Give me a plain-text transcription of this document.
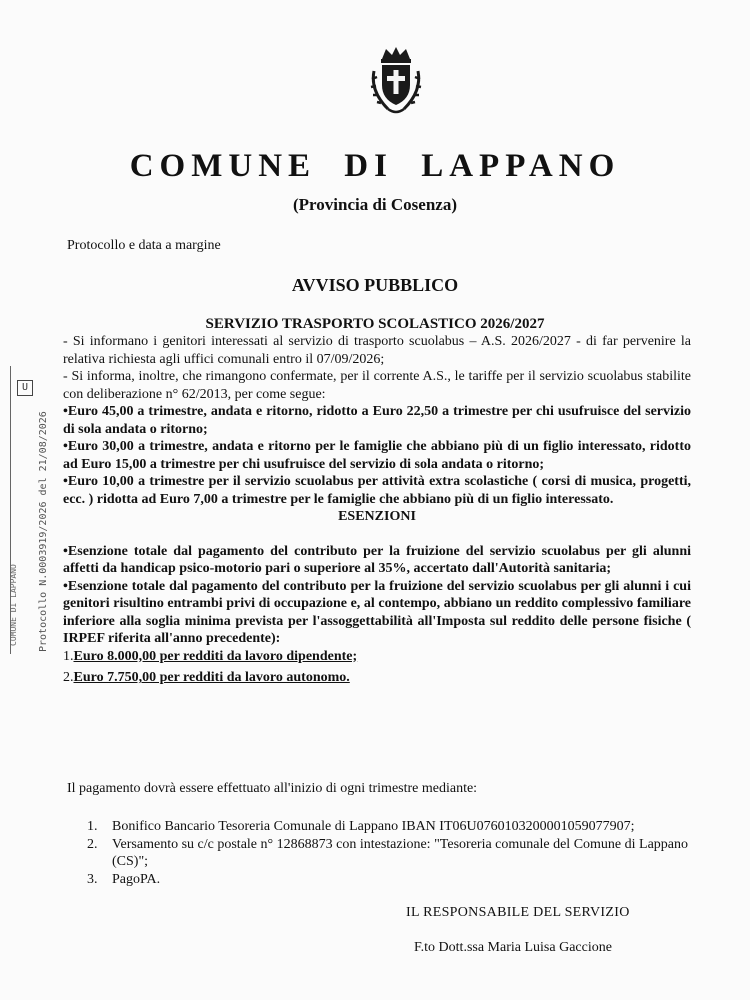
COMUNE DI LAPPANO
(Provincia di Cosenza)
Protocollo e data a margine
AVVISO PUBBLICO
SERVIZIO TRASPORTO SCOLASTICO 2026/2027

- Si informano i genitori interessati al servizio di trasporto scuolabus – A.S. 2026/2027 - di far pervenire la relativa richiesta agli uffici comunali entro il 07/09/2026;

- Si informa, inoltre, che rimangono confermate, per il corrente A.S., le tariffe per il servizio scuolabus stabilite con deliberazione n° 62/2013, per come segue:

•Euro 45,00 a trimestre, andata e ritorno, ridotto a Euro 22,50 a trimestre per chi usufruisce del servizio di sola andata o ritorno;

•Euro 30,00 a trimestre, andata e ritorno per le famiglie che abbiano più di un figlio interessato, ridotto ad Euro 15,00 a trimestre per chi usufruisce del servizio di sola andata o ritorno;

•Euro 10,00 a trimestre per il servizio scuolabus per attività extra scolastiche ( corsi di musica, progetti, ecc. ) ridotta ad Euro 7,00 a trimestre per le famiglie che abbiano più di un figlio interessato.

ESENZIONI

•Esenzione totale dal pagamento del contributo per la fruizione del servizio scuolabus per gli alunni affetti da handicap psico-motorio pari o superiore al 35%, accertato dall'Autorità sanitaria;

•Esenzione totale dal pagamento del contributo per la fruizione del servizio scuolabus per gli alunni i cui genitori risultino entrambi privi di occupazione e, al contempo, abbiano un reddito complessivo familiare inferiore alla soglia minima prevista per l'assoggettabilità all'Imposta sul reddito delle persone fisiche ( IRPEF riferita all'anno precedente):

1.Euro 8.000,00 per redditi da lavoro dipendente;

2.Euro 7.750,00 per redditi da lavoro autonomo.

Il pagamento dovrà essere effettuato all'inizio di ogni trimestre mediante:
1. Bonifico Bancario Tesoreria Comunale di Lappano IBAN IT06U0760103200001059077907;
2. Versamento su c/c postale n° 12868873 con intestazione: "Tesoreria comunale del Comune di Lappano (CS)";
3. PagoPA.
IL RESPONSABILE DEL SERVIZIO
F.to Dott.ssa Maria Luisa Gaccione
U
COMUNE DI LAPPANO Protocollo N.0003919/2026 del 21/08/2026
